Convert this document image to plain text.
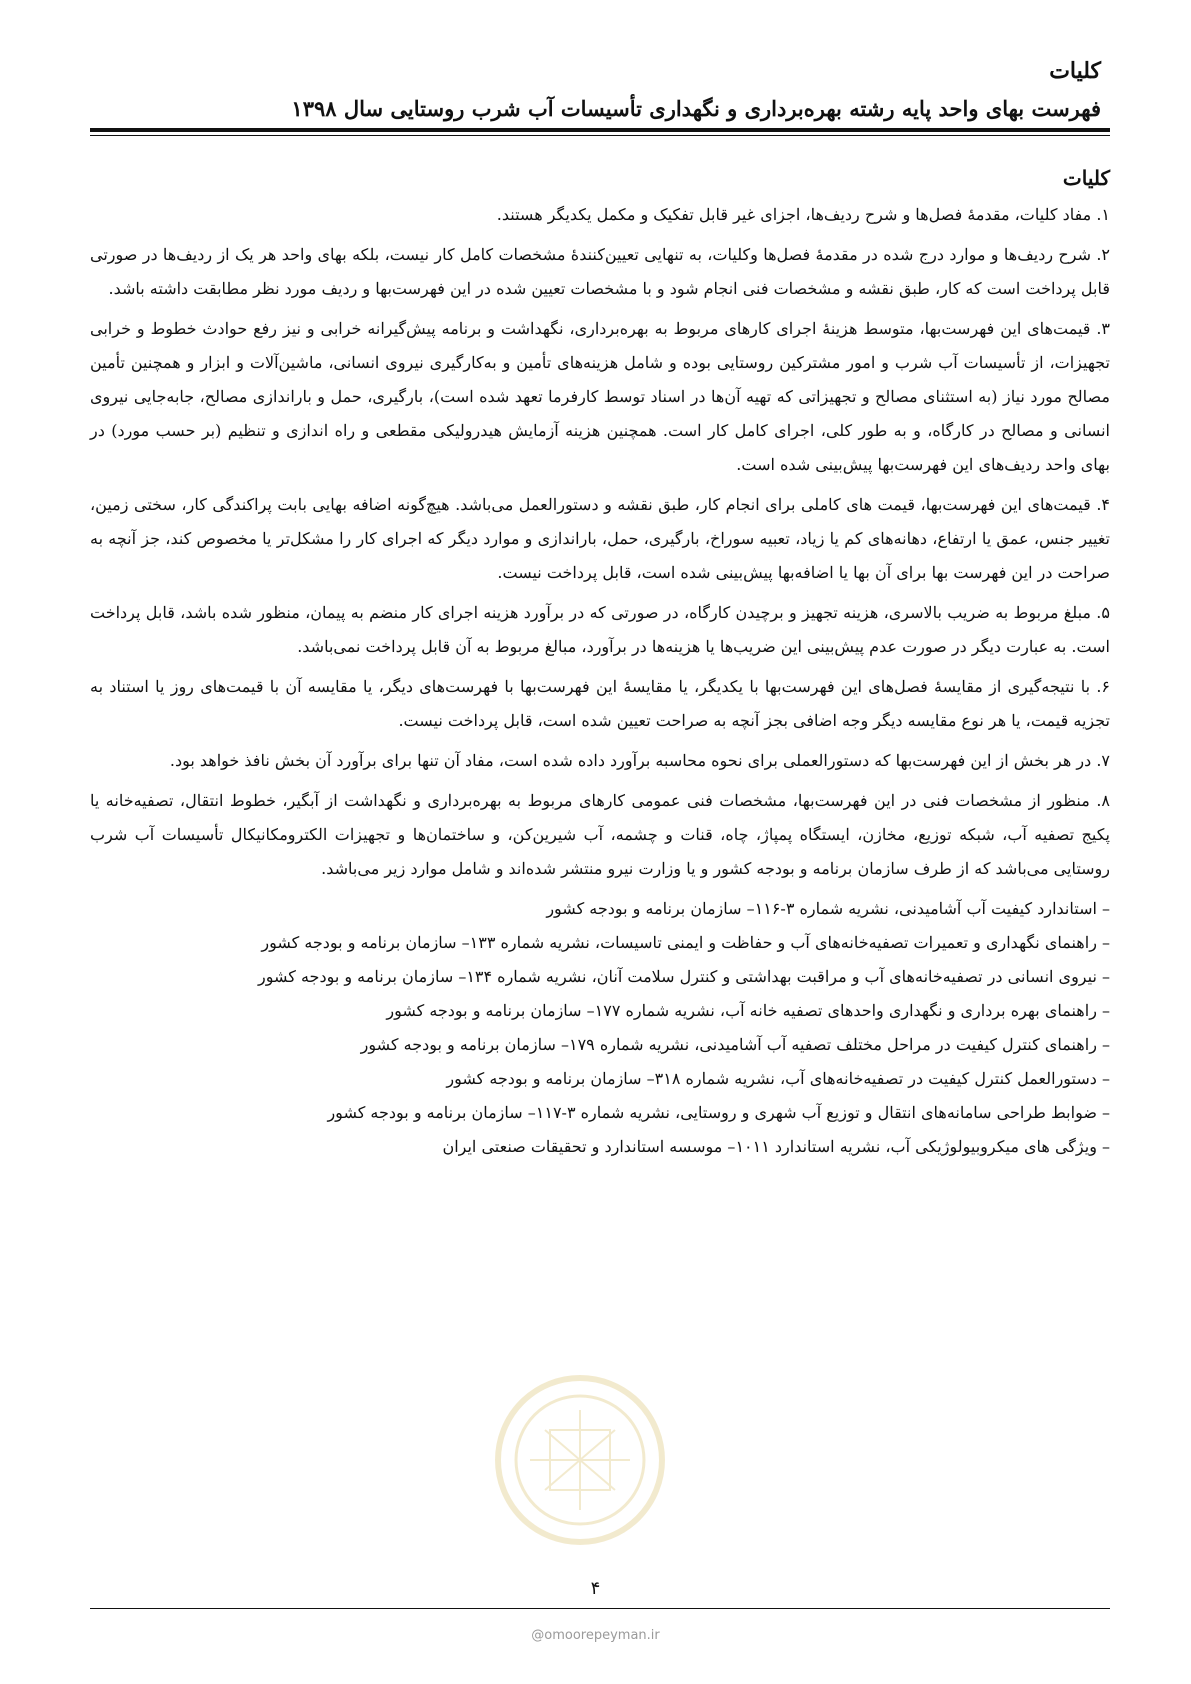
کلیات
فهرست بهای واحد پایه رشته بهره‌برداری و نگهداری تأسیسات آب شرب روستایی سال ۱۳۹۸
کلیات

۱. مفاد کلیات، مقدمهٔ فصل‌ها و شرح ردیف‌ها، اجزای غیر قابل تفکیک و مکمل یکدیگر هستند.

۲. شرح ردیف‌ها و موارد درج شده در مقدمهٔ فصل‌ها وکلیات، به تنهایی تعیین‌کنندهٔ مشخصات کامل کار نیست، بلکه بهای واحد هر یک از ردیف‌ها در صورتی قابل پرداخت است که کار، طبق نقشه و مشخصات فنی انجام شود و با مشخصات تعیین شده در این فهرست‌بها و ردیف مورد نظر مطابقت داشته باشد.

۳. قیمت‌های این فهرست‌بها، متوسط هزینهٔ اجرای کارهای مربوط به بهره‌برداری، نگهداشت و برنامه پیش‌گیرانه خرابی و نیز رفع حوادث خطوط و خرابی تجهیزات، از تأسیسات آب شرب و امور مشترکین روستایی بوده و شامل هزینه‌های تأمین و به‌کارگیری نیروی انسانی، ماشین‌آلات و ابزار و همچنین تأمین مصالح مورد نیاز (به استثنای مصالح و تجهیزاتی که تهیه آن‌ها در اسناد توسط کارفرما تعهد شده است)، بارگیری، حمل و باراندازی مصالح، جابه‌جایی نیروی انسانی و مصالح در کارگاه، و به طور کلی، اجرای کامل کار است. همچنین هزینه آزمایش هیدرولیکی مقطعی و راه اندازی و تنظیم (بر حسب مورد) در بهای واحد ردیف‌های این فهرست‌بها پیش‌بینی شده است.

۴. قیمت‌های این فهرست‌بها، قیمت های کاملی برای انجام کار، طبق نقشه و دستورالعمل می‌باشد. هیچ‌گونه اضافه بهایی بابت پراکندگی کار، سختی زمین، تغییر جنس، عمق یا ارتفاع، دهانه‌های کم یا زیاد، تعبیه سوراخ، بارگیری، حمل، باراندازی و موارد دیگر که اجرای کار را مشکل‌تر یا مخصوص کند، جز آنچه به صراحت در این فهرست بها برای آن بها یا اضافه‌بها پیش‌بینی شده است، قابل پرداخت نیست.

۵. مبلغ مربوط به ضریب بالاسری، هزینه تجهیز و برچیدن کارگاه، در صورتی که در برآورد هزینه اجرای کار منضم به پیمان، منظور شده باشد، قابل پرداخت است. به عبارت دیگر در صورت عدم پیش‌بینی این ضریب‌ها یا هزینه‌ها در برآورد، مبالغ مربوط به آن قابل پرداخت نمی‌باشد.

۶. با نتیجه‌گیری از مقایسهٔ فصل‌های این فهرست‌بها با یکدیگر، یا مقایسهٔ این فهرست‌بها با فهرست‌های دیگر، یا مقایسه آن با قیمت‌های روز یا استناد به تجزیه قیمت، یا هر نوع مقایسه دیگر وجه اضافی بجز آنچه به صراحت تعیین شده است، قابل پرداخت نیست.

۷. در هر بخش از این فهرست‌بها که دستورالعملی برای نحوه محاسبه برآورد داده شده است، مفاد آن تنها برای برآورد آن بخش نافذ خواهد بود.

۸. منظور از مشخصات فنی در این فهرست‌بها، مشخصات فنی عمومی کارهای مربوط به بهره‌برداری و نگهداشت از آبگیر، خطوط انتقال، تصفیه‌خانه یا پکیج تصفیه آب، شبکه توزیع، مخازن، ایستگاه پمپاژ، چاه، قنات و چشمه، آب شیرین‌کن، و ساختمان‌ها و تجهیزات الکترومکانیکال تأسیسات آب شرب روستایی می‌باشد که از طرف سازمان برنامه و بودجه کشور و یا وزارت نیرو منتشر شده‌اند و شامل موارد زیر می‌باشد.

– استاندارد کیفیت آب آشامیدنی، نشریه شماره ۳-۱۱۶– سازمان برنامه و بودجه کشور
– راهنمای نگهداری و تعمیرات تصفیه‌خانه‌های آب و حفاظت و ایمنی تاسیسات، نشریه شماره ۱۳۳– سازمان برنامه و بودجه کشور
– نیروی انسانی در تصفیه‌خانه‌های آب و مراقبت بهداشتی و کنترل سلامت آنان، نشریه شماره ۱۳۴– سازمان برنامه و بودجه کشور
– راهنمای بهره برداری و نگهداری واحدهای تصفیه خانه آب، نشریه شماره ۱۷۷– سازمان برنامه و بودجه کشور
– راهنمای کنترل کیفیت در مراحل مختلف تصفیه آب آشامیدنی، نشریه شماره ۱۷۹– سازمان برنامه و بودجه کشور
– دستورالعمل کنترل کیفیت در تصفیه‌خانه‌های آب، نشریه شماره ۳۱۸– سازمان برنامه و بودجه کشور
– ضوابط طراحی سامانه‌های انتقال و توزیع آب شهری و روستایی، نشریه شماره ۳-۱۱۷– سازمان برنامه و بودجه کشور
– ویژگی های میکروبیولوژیکی آب، نشریه استاندارد ۱۰۱۱– موسسه استاندارد و تحقیقات صنعتی ایران
۴
@omoorepeyman.ir
